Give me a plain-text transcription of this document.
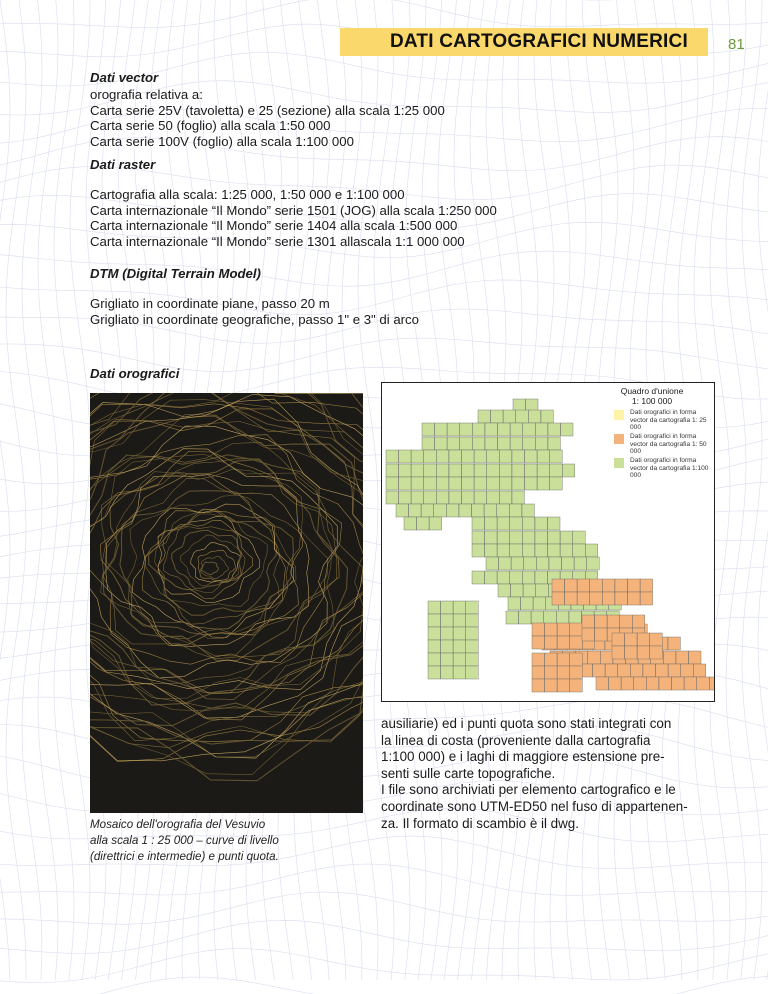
DATI CARTOGRAFICI NUMERICI	81
Dati vector
orografia relativa a:
Carta serie 25V (tavoletta) e 25 (sezione) alla scala 1:25 000
Carta serie 50 (foglio) alla scala 1:50 000
Carta serie 100V (foglio) alla scala 1:100 000
Dati raster
Cartografia alla scala: 1:25 000, 1:50 000 e 1:100 000
Carta internazionale “Il Mondo” serie 1501 (JOG) alla scala 1:250 000
Carta internazionale “Il Mondo” serie 1404 alla scala 1:500 000
Carta internazionale “Il Mondo” serie 1301 allascala 1:1 000 000
DTM (Digital Terrain Model)
Grigliato in coordinate piane, passo 20 m
Grigliato in coordinate geografiche, passo 1" e 3" di arco
Dati orografici
Quadro d'unione
1: 100 000
Dati orografici in forma vector da cartografia 1: 25 000
Dati orografici in forma vector da cartografia 1: 50 000
Dati orografici in forma vector da cartografia 1:100 000
Mosaico dell'orografia del Vesuvio
alla scala 1 : 25 000 – curve di livello
(direttrici e intermedie) e punti quota.
ausiliarie) ed i punti quota sono stati integrati con
la linea di costa (proveniente dalla cartografia
1:100 000) e i laghi di maggiore estensione pre-
senti sulle carte topografiche.
I file sono archiviati per elemento cartografico e le
coordinate sono UTM-ED50 nel fuso di appartenen-
za. Il formato di scambio è il dwg.
